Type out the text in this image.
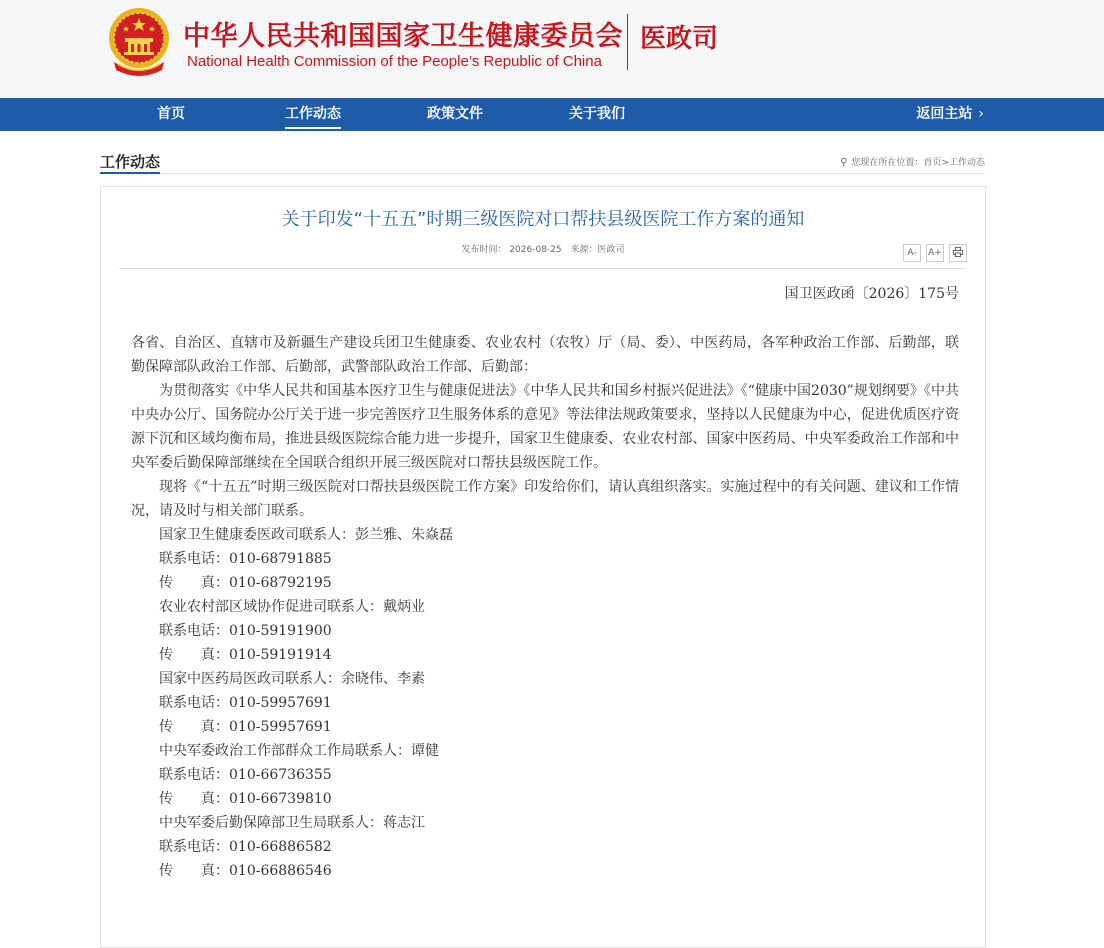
中华人民共和国国家卫生健康委员会
National Health Commission of the People’s Republic of China
医政司
首页	工作动态	政策文件	关于我们	返回主站 ›
工作动态	⚲ 您现在所在位置：首页>工作动态
关于印发“十五五”时期三级医院对口帮扶县级医院工作方案的通知
发布时间： 2026-08-25 来源：医政司	A- A+
国卫医政函〔2026〕175号

各省、自治区、直辖市及新疆生产建设兵团卫生健康委、农业农村（农牧）厅（局、委）、中医药局，各军种政治工作部、后勤部，联勤保障部队政治工作部、后勤部，武警部队政治工作部、后勤部：

为贯彻落实《中华人民共和国基本医疗卫生与健康促进法》《中华人民共和国乡村振兴促进法》《“健康中国2030”规划纲要》《中共中央办公厅、国务院办公厅关于进一步完善医疗卫生服务体系的意见》等法律法规政策要求，坚持以人民健康为中心，促进优质医疗资源下沉和区域均衡布局，推进县级医院综合能力进一步提升，国家卫生健康委、农业农村部、国家中医药局、中央军委政治工作部和中央军委后勤保障部继续在全国联合组织开展三级医院对口帮扶县级医院工作。

现将《“十五五”时期三级医院对口帮扶县级医院工作方案》印发给你们，请认真组织落实。实施过程中的有关问题、建议和工作情况，请及时与相关部门联系。

国家卫生健康委医政司联系人：彭兰雅、朱焱磊

联系电话：010-68791885

传　　真：010-68792195

农业农村部区域协作促进司联系人：戴炳业

联系电话：010-59191900

传　　真：010-59191914

国家中医药局医政司联系人：余晓伟、李素

联系电话：010-59957691

传　　真：010-59957691

中央军委政治工作部群众工作局联系人：谭健

联系电话：010-66736355

传　　真：010-66739810

中央军委后勤保障部卫生局联系人：蒋志江

联系电话：010-66886582

传　　真：010-66886546
